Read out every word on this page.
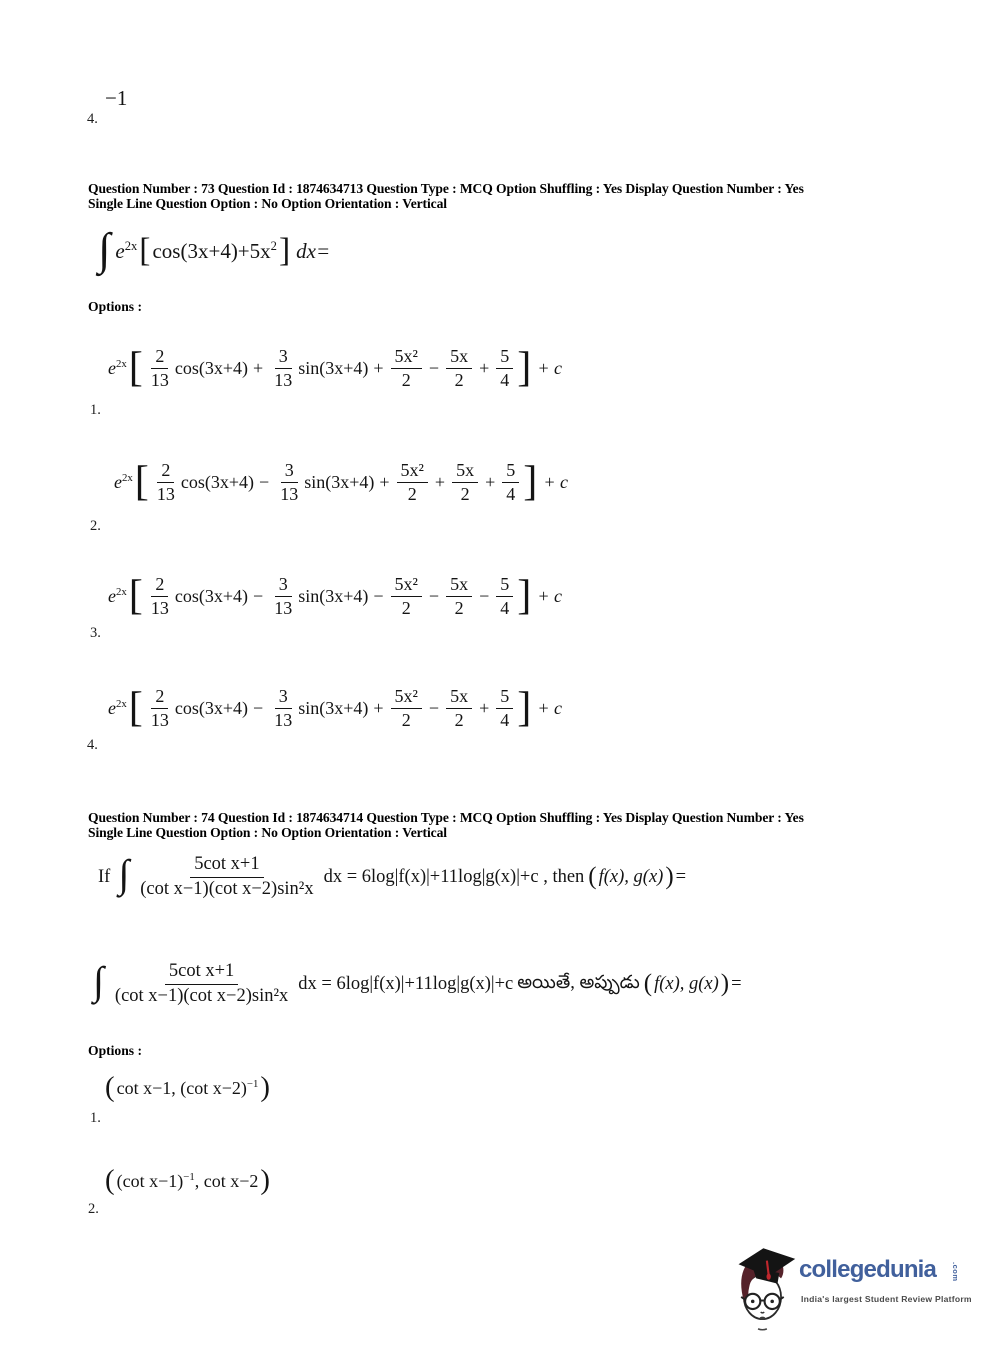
−1
4.
Question Number : 73 Question Id : 1874634713 Question Type : MCQ Option Shuffling : Yes Display Question Number : Yes
Single Line Question Option : No Option Orientation : Vertical
∫ $e^{2x}$ [ $\cos(3x+4)+5x^2$ ] dx=
Options :
$e^{2x}$ [ $\frac{2}{13} \cos(3x+4) + \frac{3}{13} \sin(3x+4) + \frac{\text{5x²}}{2} - \frac{5x}{2} + \frac{5}{4}$ ] + c
1.
$e^{2x}$ [ $\frac{2}{13} \cos(3x+4) - \frac{3}{13} \sin(3x+4) + \frac{\text{5x²}}{2} + \frac{5x}{2} + \frac{5}{4}$ ] + c
2.
$e^{2x}$ [ $\frac{2}{13} \cos(3x+4) - \frac{3}{13} \sin(3x+4) - \frac{\text{5x²}}{2} - \frac{5x}{2} - \frac{5}{4}$ ] + c
3.
$e^{2x}$ [ $\frac{2}{13} \cos(3x+4) - \frac{3}{13} \sin(3x+4) + \frac{\text{5x²}}{2} - \frac{5x}{2} + \frac{5}{4}$ ] + c
4.
Question Number : 74 Question Id : 1874634714 Question Type : MCQ Option Shuffling : Yes Display Question Number : Yes
Single Line Question Option : No Option Orientation : Vertical
If ∫ $\frac{\text{5cot x+1}}{\text{(cot x−1)(cot x−2)sin²x}}$ dx = 6log|f(x)|+11log|g(x)|+c , then ( f(x), g(x) ) =
∫ $\frac{\text{5cot x+1}}{\text{(cot x−1)(cot x−2)sin²x}}$ dx = 6log|f(x)|+11log|g(x)|+c అయితే, అప్పుడు ( f(x), g(x) ) =
Options :
( cot x−1, (cot x−2)$^{-1}$ )
1.
( (cot x−1)$^{-1}$, cot x−2 )
2.
collegedunia .com
India's largest Student Review Platform
